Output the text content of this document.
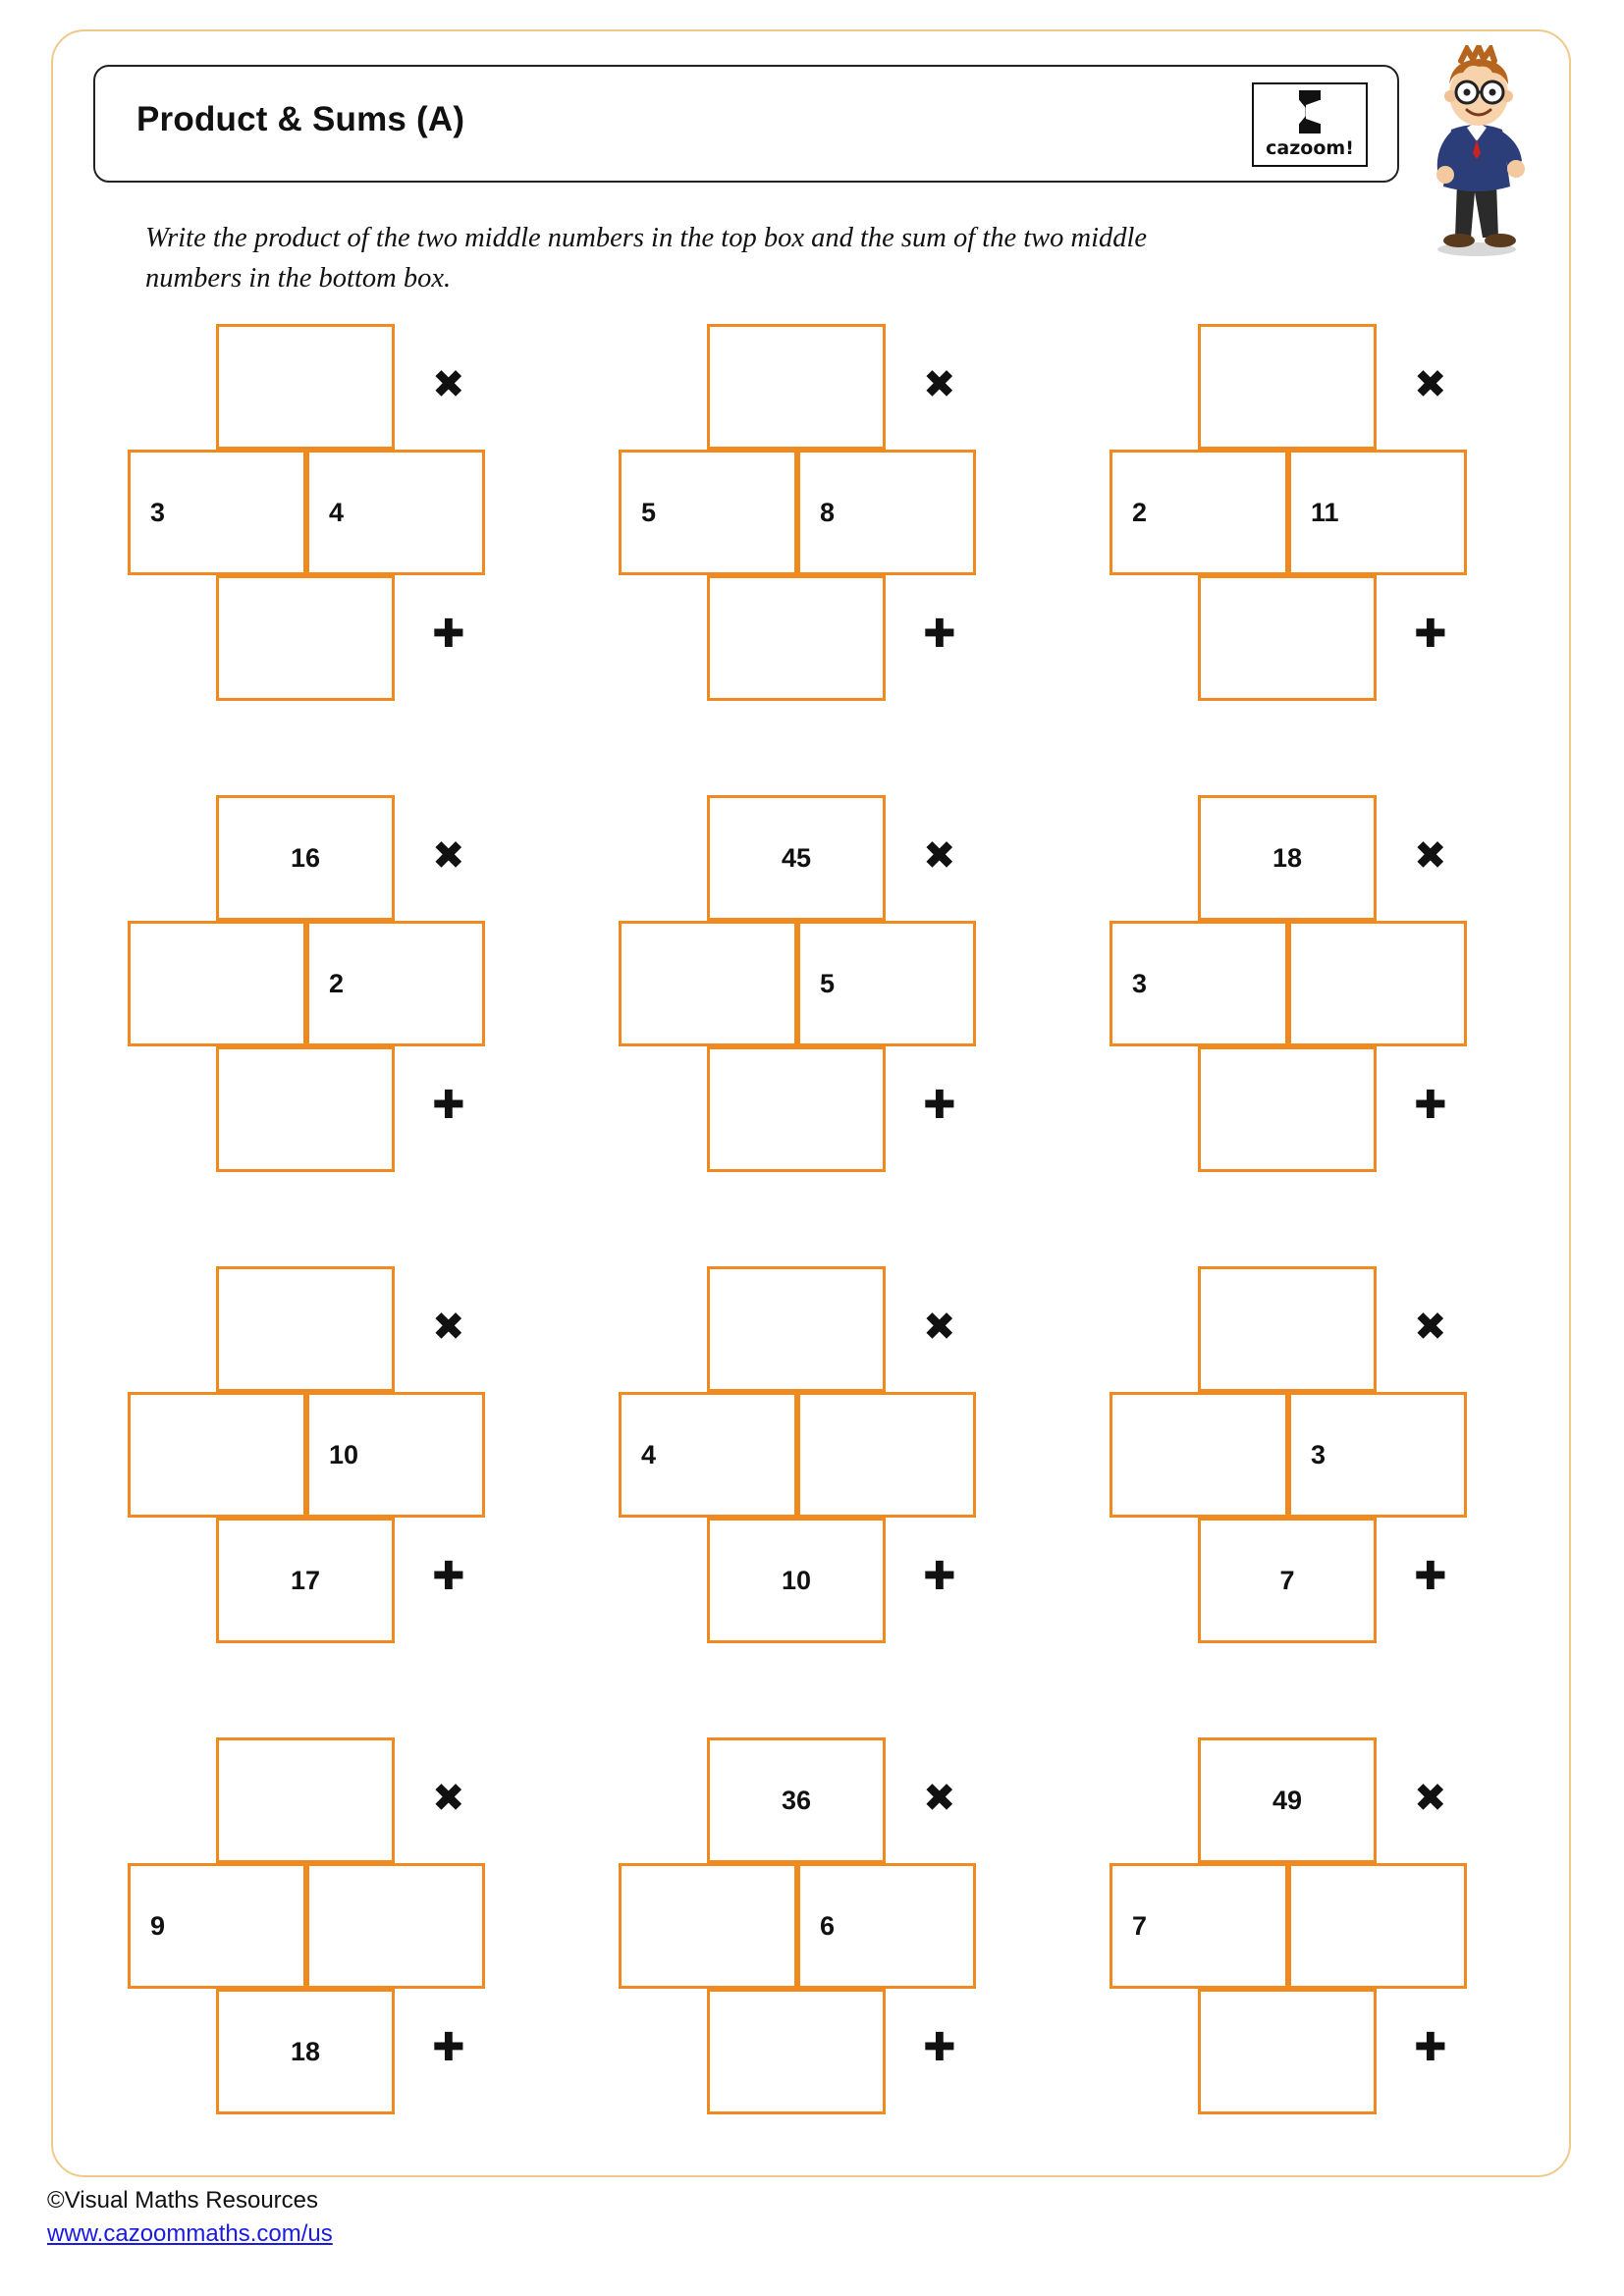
Product & Sums (A)
cazoom!
Write the product of the two middle numbers in the top box and the sum of the two middle numbers in the bottom box.
3	4
✖
✚
5	8
✖
✚
2	11
✖
✚
16
2
✖
✚
45
5
✖
✚
18
3
✖
✚
10
17
✖
✚
4
10
✖
✚
3
7
✖
✚
9
18
✖
✚
36
6
✖
✚
49
7
✖
✚
©Visual Maths Resources
www.cazoommaths.com/us
